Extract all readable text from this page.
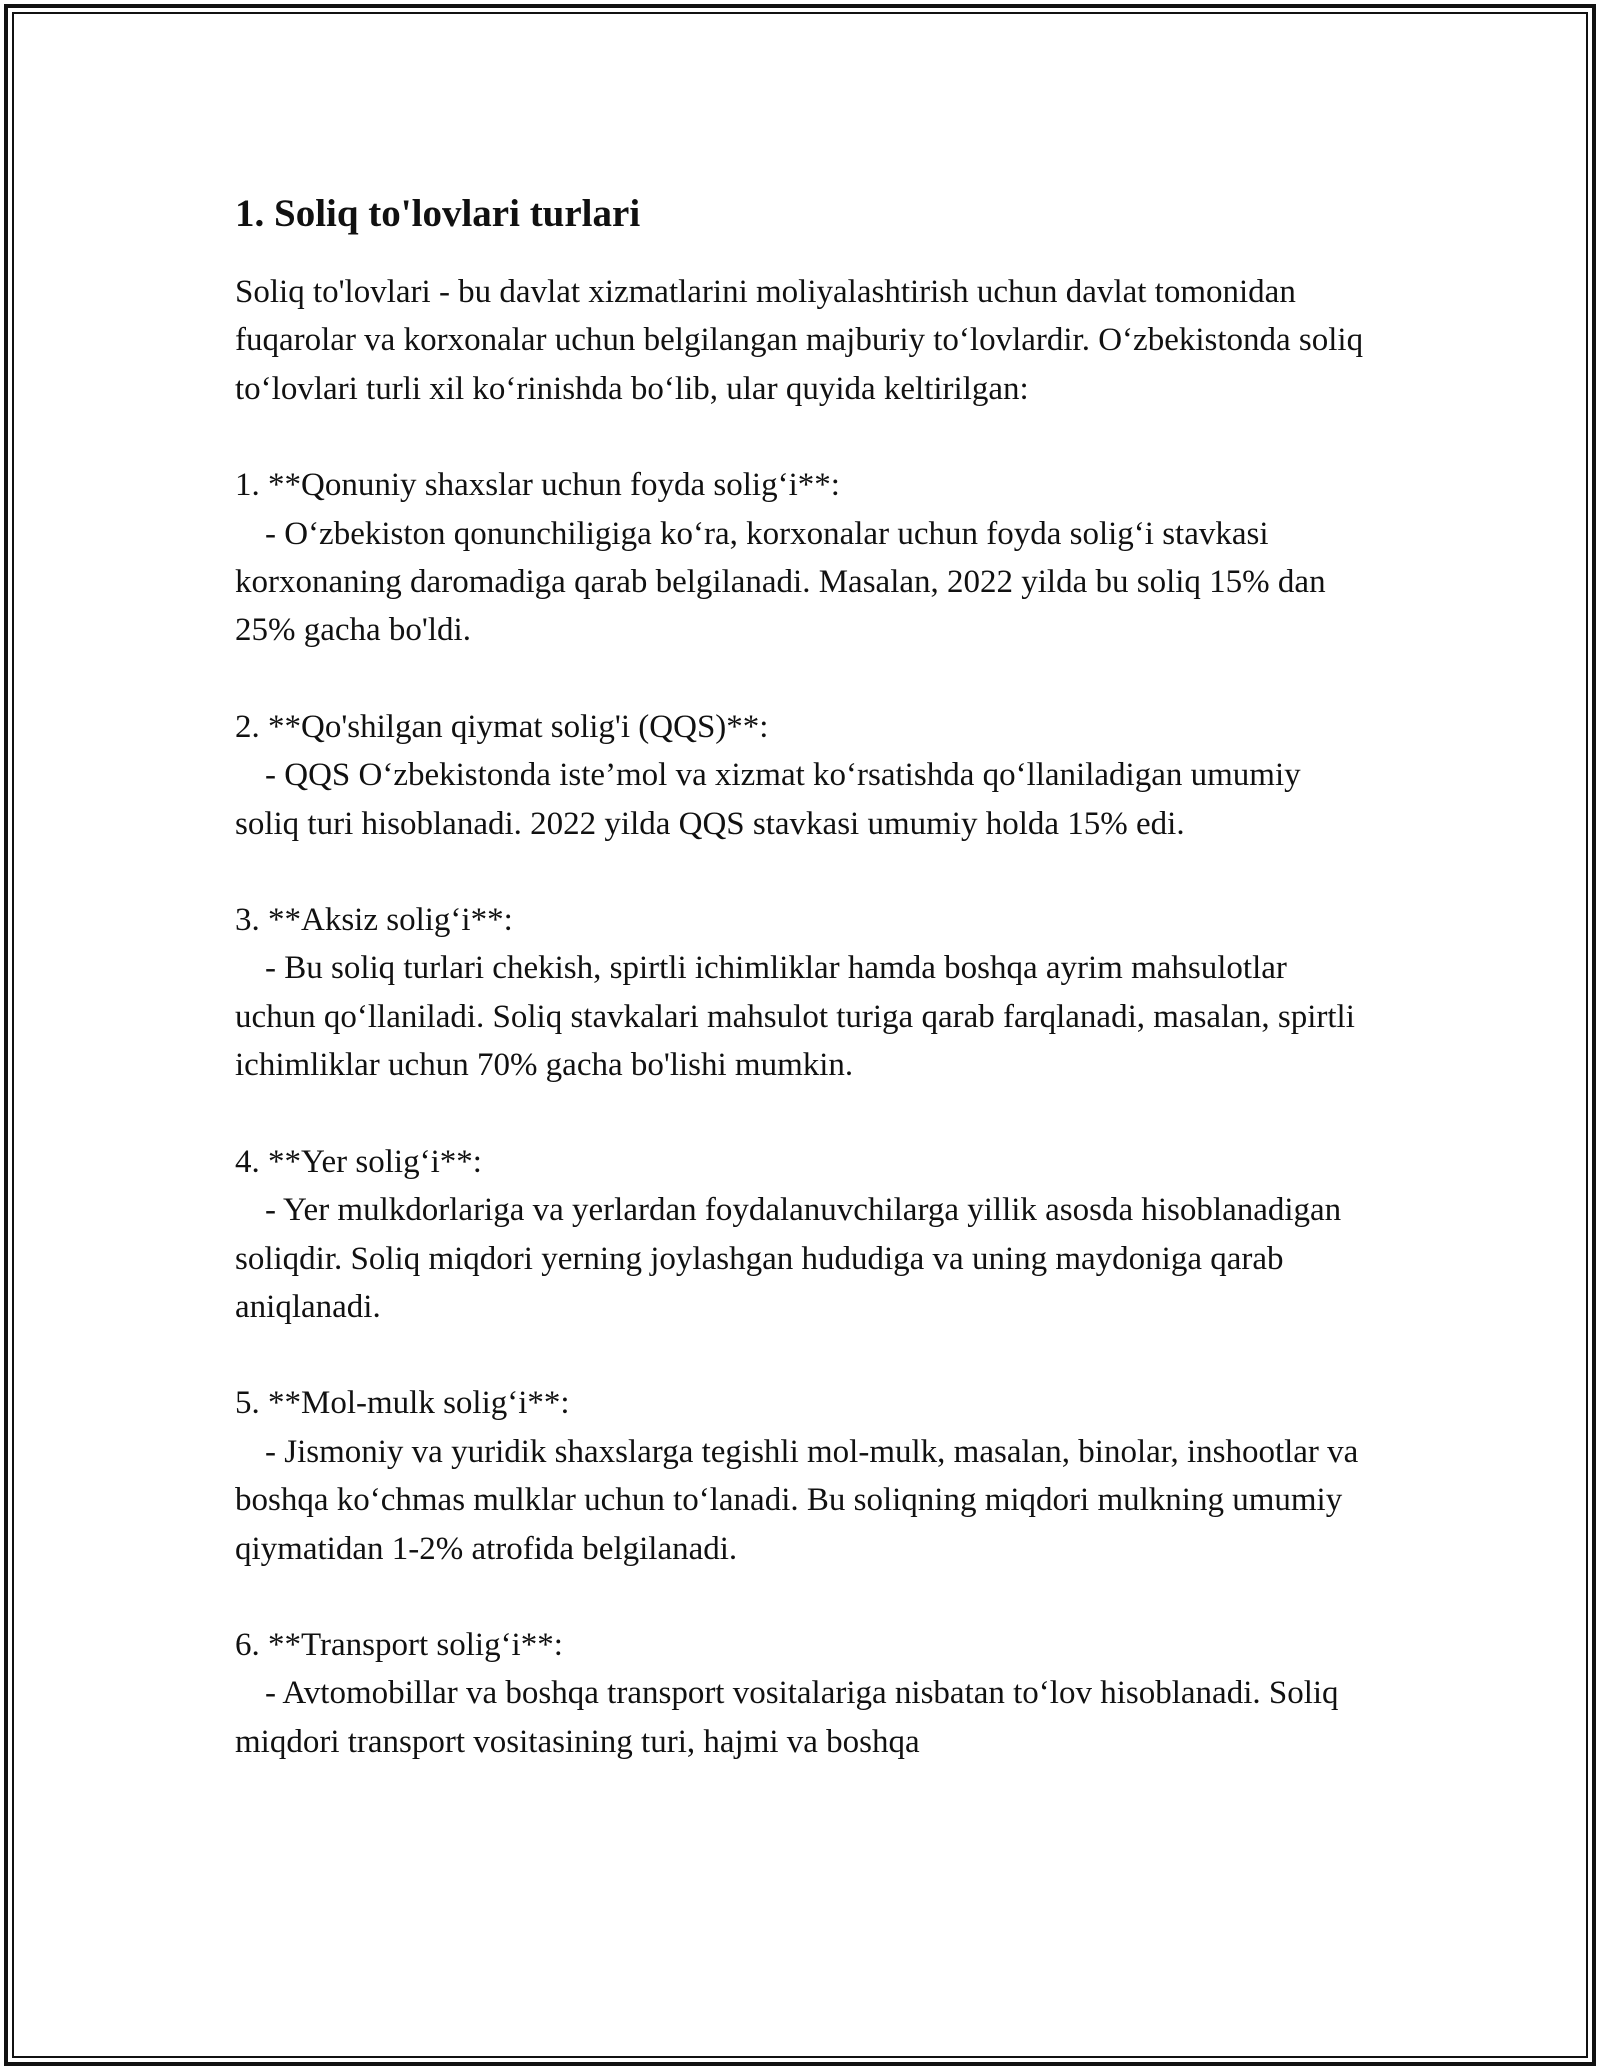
1. Soliq to'lovlari turlari

Soliq to'lovlari - bu davlat xizmatlarini moliyalashtirish uchun davlat tomonidan fuqarolar va korxonalar uchun belgilangan majburiy to‘lovlardir. O‘zbekistonda soliq to‘lovlari turli xil ko‘rinishda bo‘lib, ular quyida keltirilgan:

1. **Qonuniy shaxslar uchun foyda solig‘i**:
- O‘zbekiston qonunchiligiga ko‘ra, korxonalar uchun foyda solig‘i stavkasi korxonaning daromadiga qarab belgilanadi. Masalan, 2022 yilda bu soliq 15% dan 25% gacha bo'ldi.
2. **Qo'shilgan qiymat solig'i (QQS)**:
- QQS O‘zbekistonda iste’mol va xizmat ko‘rsatishda qo‘llaniladigan umumiy soliq turi hisoblanadi. 2022 yilda QQS stavkasi umumiy holda 15% edi.
3. **Aksiz solig‘i**:
- Bu soliq turlari chekish, spirtli ichimliklar hamda boshqa ayrim mahsulotlar uchun qo‘llaniladi. Soliq stavkalari mahsulot turiga qarab farqlanadi, masalan, spirtli ichimliklar uchun 70% gacha bo'lishi mumkin.
4. **Yer solig‘i**:
- Yer mulkdorlariga va yerlardan foydalanuvchilarga yillik asosda hisoblanadigan soliqdir. Soliq miqdori yerning joylashgan hududiga va uning maydoniga qarab aniqlanadi.
5. **Mol-mulk solig‘i**:
- Jismoniy va yuridik shaxslarga tegishli mol-mulk, masalan, binolar, inshootlar va boshqa ko‘chmas mulklar uchun to‘lanadi. Bu soliqning miqdori mulkning umumiy qiymatidan 1-2% atrofida belgilanadi.
6. **Transport solig‘i**:
- Avtomobillar va boshqa transport vositalariga nisbatan to‘lov hisoblanadi. Soliq miqdori transport vositasining turi, hajmi va boshqa
